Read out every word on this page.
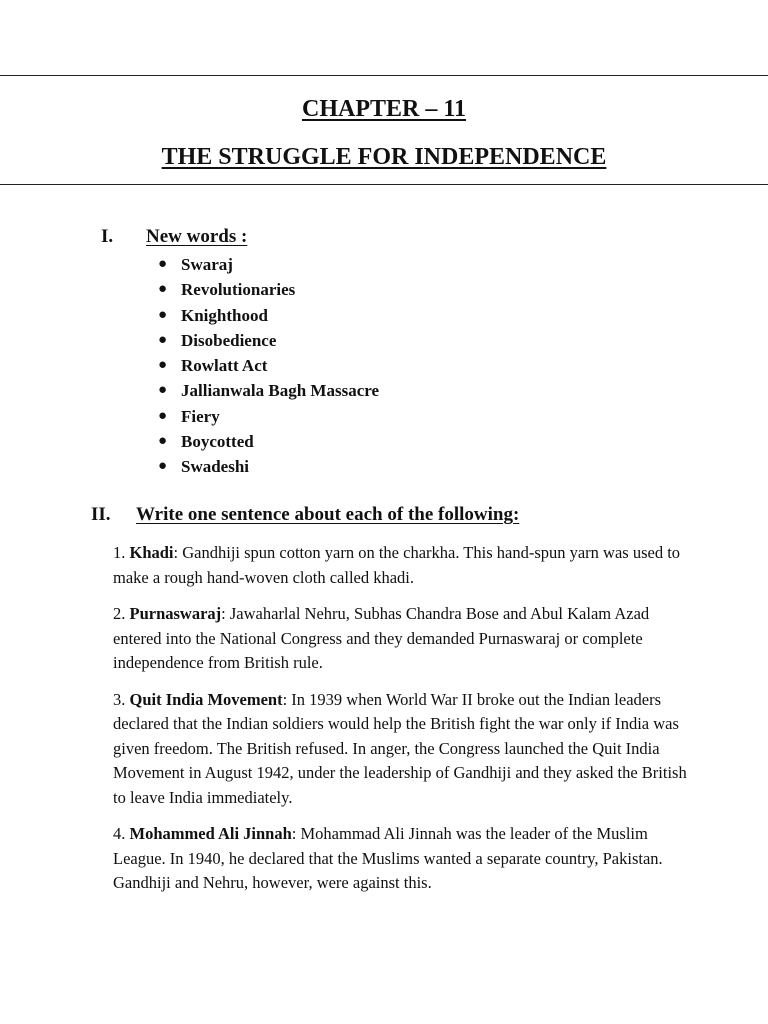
CHAPTER – 11
THE STRUGGLE FOR INDEPENDENCE
I. New words :
● Swaraj
● Revolutionaries
● Knighthood
● Disobedience
● Rowlatt Act
● Jallianwala Bagh Massacre
● Fiery
● Boycotted
● Swadeshi
II. Write one sentence about each of the following:

1. Khadi: Gandhiji spun cotton yarn on the charkha. This hand-spun yarn was used to make a rough hand-woven cloth called khadi.

2. Purnaswaraj: Jawaharlal Nehru, Subhas Chandra Bose and Abul Kalam Azad entered into the National Congress and they demanded Purnaswaraj or complete independence from British rule.

3. Quit India Movement: In 1939 when World War II broke out the Indian leaders declared that the Indian soldiers would help the British fight the war only if India was given freedom. The British refused. In anger, the Congress launched the Quit India Movement in August 1942, under the leadership of Gandhiji and they asked the British to leave India immediately.

4. Mohammed Ali Jinnah: Mohammad Ali Jinnah was the leader of the Muslim League. In 1940, he declared that the Muslims wanted a separate country, Pakistan. Gandhiji and Nehru, however, were against this.
